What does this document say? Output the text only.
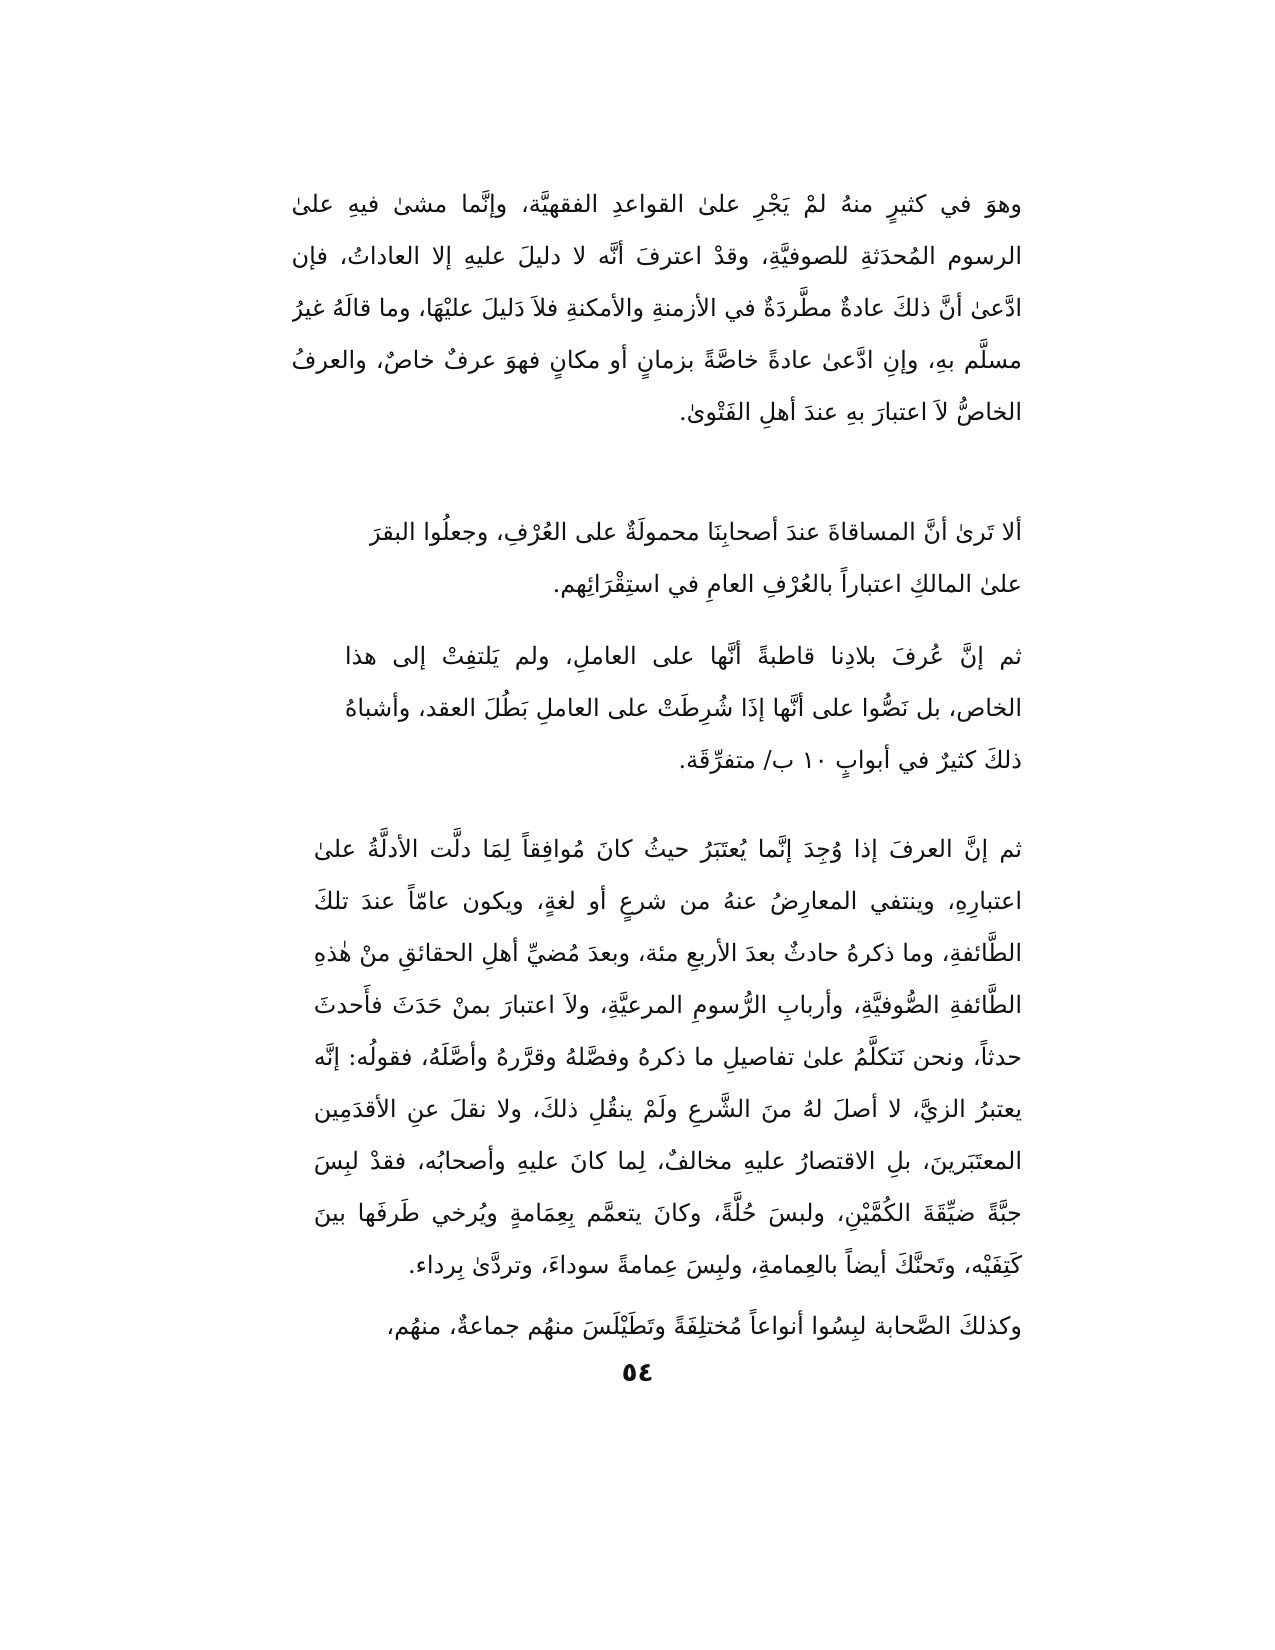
وهوَ في كثيرٍ منهُ لمْ يَجْرِ علىٰ القواعدِ الفقهيَّة، وإنَّما مشىٰ فيهِ علىٰ
الرسوم المُحدَثةِ للصوفيَّةِ، وقدْ اعترفَ أنَّه لا دليلَ عليهِ إلا العاداتُ، فإن
ادَّعىٰ أنَّ ذلكَ عادةٌ مطَّردَةٌ في الأزمنةِ والأمكنةِ فلاَ دَليلَ عليْهَا، وما قالَهُ غيرُ
مسلَّم بهِ، وإنِ ادَّعىٰ عادةً خاصَّةً بزمانٍ أو مكانٍ فهوَ عرفٌ خاصٌ، والعرفُ
الخاصُّ لاَ اعتبارَ بهِ عندَ أهلِ الفَتْوىٰ.

ألا تَرىٰ أنَّ المساقاةَ عندَ أصحابِنَا محمولَةٌ على العُرْفِ، وجعلُوا البقرَ
علىٰ المالكِ اعتباراً بالعُرْفِ العامِ في استِقْرَائِهم.

ثم إنَّ عُرفَ بلادِنا قاطبةً أنَّها على العاملِ، ولم يَلتفِتْ إلى هذا
الخاص، بل نَصُّوا على أنَّها إذَا شُرِطَتْ على العاملِ بَطُلَ العقد، وأشباهُ
ذلكَ كثيرٌ في أبوابٍ ١٠ ب/ متفرِّقَة.

ثم إنَّ العرفَ إذا وُجِدَ إنَّما يُعتَبَرُ حيثُ كانَ مُوافِقاً لِمَا دلَّت الأدلَّةُ علىٰ
اعتبارِهِ، وينتفي المعارِضُ عنهُ من شرعٍ أو لغةٍ، ويكون عامّاً عندَ تلكَ
الطَّائفةِ، وما ذكرهُ حادثٌ بعدَ الأربعِ مئة، وبعدَ مُضيِّ أهلِ الحقائقِ منْ هٰذهِ
الطَّائفةِ الصُّوفيَّةِ، وأربابِ الرُّسومِ المرعيَّةِ، ولاَ اعتبارَ بمنْ حَدَثَ فأَحدثَ
حدثاً، ونحن نَتكلَّمُ علىٰ تفاصيلِ ما ذكرهُ وفصَّلهُ وقرَّرهُ وأصَّلَهُ، فقولُه: إنَّه
يعتبرُ الزيَّ، لا أصلَ لهُ منَ الشَّرعِ ولَمْ ينقُلِ ذلكَ، ولا نقلَ عنِ الأقدَمِين
المعتَبَرينَ، بلِ الاقتصارُ عليهِ مخالفٌ، لِما كانَ عليهِ وأصحابُه، فقدْ لبِسَ
جبَّةً ضيِّقَةَ الكُمَّيْنِ، ولبسَ حُلَّةً، وكانَ يتعمَّم بِعِمَامةٍ ويُرخي طَرفَها بينَ
كَتِفَيْه، وتَحنَّكَ أيضاً بالعِمامةِ، ولبِسَ عِمامةً سوداءَ، وتردَّىٰ بِرداء.

وكذلكَ الصَّحابة لبِسُوا أنواعاً مُختلِفَةً وتَطَيْلَسَ منهُم جماعةٌ، منهُم،

٥٤
